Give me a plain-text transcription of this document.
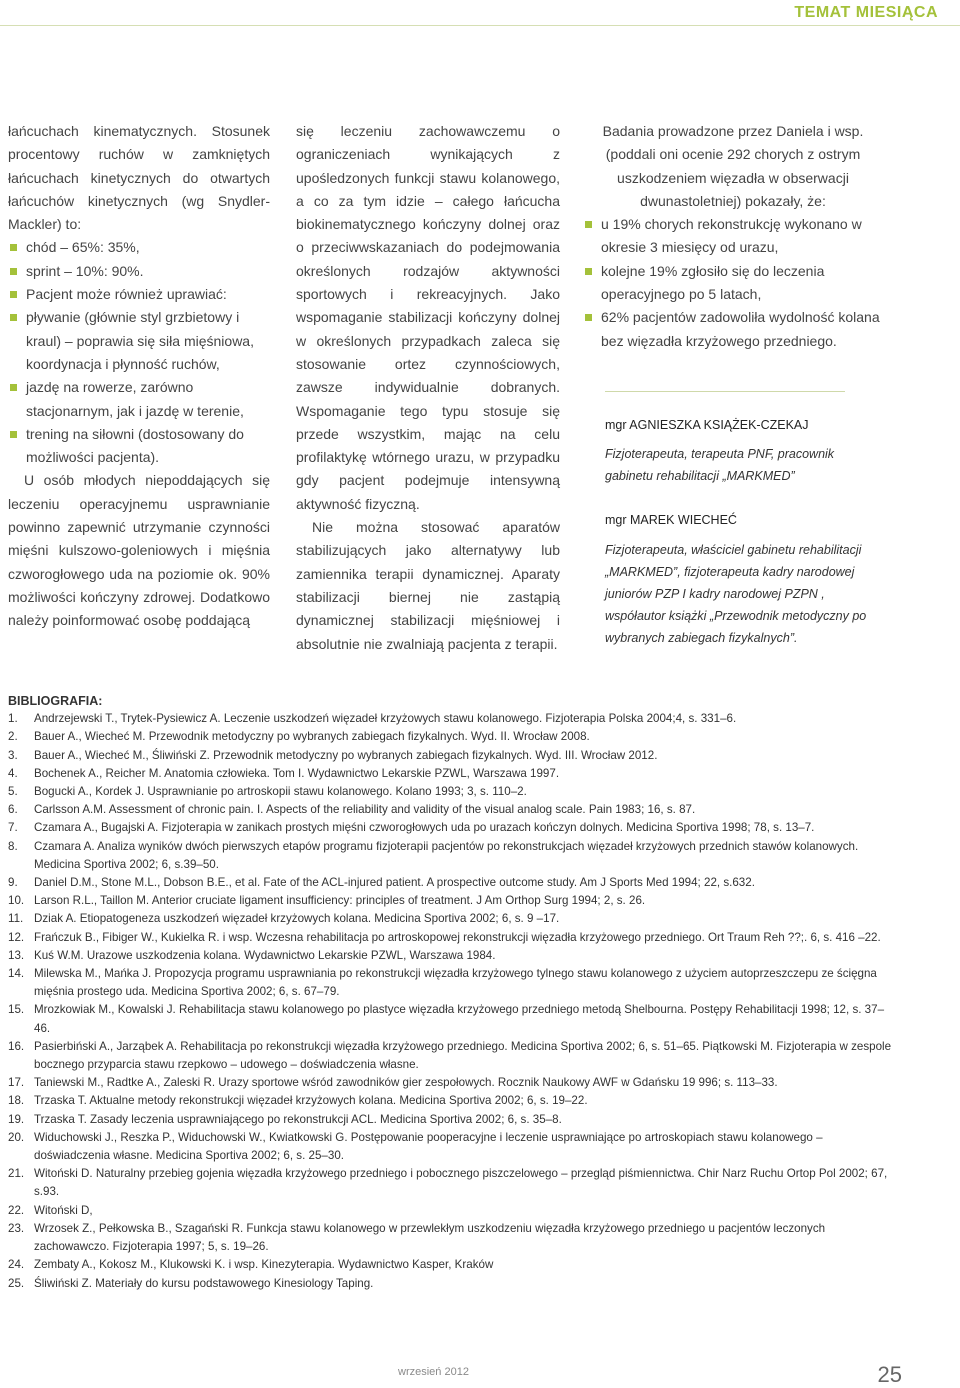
TEMAT MIESIĄCA

łańcuchach kinematycznych. Stosunek procentowy ruchów w zamkniętych łańcuchach kinetycznych do otwartych łańcuchów kinetycznych (wg Snydler-Mackler) to:

chód – 65%: 35%,
sprint – 10%: 90%.
Pacjent może również uprawiać:
pływanie (głównie styl grzbietowy i kraul) – poprawia się siła mięśniowa, koordynacja i płynność ruchów,
jazdę na rowerze, zarówno stacjonarnym, jak i jazdę w terenie,
trening na siłowni (dostosowany do możliwości pacjenta).

U osób młodych niepoddających się leczeniu operacyjnemu usprawnianie powinno zapewnić utrzymanie czynności mięśni kulszowo-goleniowych i mięśnia czworogłowego uda na poziomie ok. 90% możliwości kończyny zdrowej. Dodatkowo należy poinformować osobę poddającą

się leczeniu zachowawczemu o ograniczeniach wynikających z upośledzonych funkcji stawu kolanowego, a co za tym idzie – całego łańcucha biokinematycznego kończyny dolnej oraz o przeciwwskazaniach do podejmowania określonych rodzajów aktywności sportowych i rekreacyjnych. Jako wspomaganie stabilizacji kończyny dolnej w określonych przypadkach zaleca się stosowanie ortez czynnościowych, zawsze indywidualnie dobranych. Wspomaganie tego typu stosuje się przede wszystkim, mając na celu profilaktykę wtórnego urazu, w przypadku gdy pacjent podejmuje intensywną aktywność fizyczną.

Nie można stosować aparatów stabilizujących jako alternatywy lub zamiennika terapii dynamicznej. Aparaty stabilizacji biernej nie zastąpią dynamicznej stabilizacji mięśniowej i absolutnie nie zwalniają pacjenta z terapii.

Badania prowadzone przez Daniela i wsp. (poddali oni ocenie 292 chorych z ostrym uszkodzeniem więzadła w obserwacji dwunastoletniej) pokazały, że:

u 19% chorych rekonstrukcję wykonano w okresie 3 miesięcy od urazu,
kolejne 19% zgłosiło się do leczenia operacyjnego po 5 latach,
62% pacjentów zadowoliła wydolność kolana bez więzadła krzyżowego przedniego.
mgr AGNIESZKA KSIĄŻEK-CZEKAJ
Fizjoterapeuta, terapeuta PNF, pracownik gabinetu rehabilitacji „MARKMED”
mgr MAREK WIECHEĆ
Fizjoterapeuta, właściciel gabinetu rehabilitacji „MARKMED”, fizjoterapeuta kadry narodowej juniorów PZP I kadry narodowej PZPN , współautor książki „Przewodnik metodyczny po wybranych zabiegach fizykalnych”.
BIBLIOGRAFIA:
1. Andrzejewski T., Trytek-Pysiewicz A. Leczenie uszkodzeń więzadeł krzyżowych stawu kolanowego. Fizjoterapia Polska 2004;4, s. 331–6.
2. Bauer A., Wiecheć M. Przewodnik metodyczny po wybranych zabiegach fizykalnych. Wyd. II. Wrocław 2008.
3. Bauer A., Wiecheć M., Śliwiński Z. Przewodnik metodyczny po wybranych zabiegach fizykalnych. Wyd. III. Wrocław 2012.
4. Bochenek A., Reicher M. Anatomia człowieka. Tom I. Wydawnictwo Lekarskie PZWL, Warszawa 1997.
5. Bogucki A., Kordek J. Usprawnianie po artroskopii stawu kolanowego. Kolano 1993; 3, s. 110–2.
6. Carlsson A.M. Assessment of chronic pain. I. Aspects of the reliability and validity of the visual analog scale. Pain 1983; 16, s. 87.
7. Czamara A., Bugajski A. Fizjoterapia w zanikach prostych mięśni czworogłowych uda po urazach kończyn dolnych. Medicina Sportiva 1998; 78, s. 13–7.
8. Czamara A. Analiza wyników dwóch pierwszych etapów programu fizjoterapii pacjentów po rekonstrukcjach więzadeł krzyżowych przednich stawów kolanowych. Medicina Sportiva 2002; 6, s.39–50.
9. Daniel D.M., Stone M.L., Dobson B.E., et al. Fate of the ACL-injured patient. A prospective outcome study. Am J Sports Med 1994; 22, s.632.
10. Larson R.L., Taillon M. Anterior cruciate ligament insufficiency: principles of treatment. J Am Orthop Surg 1994; 2, s. 26.
11. Dziak A. Etiopatogeneza uszkodzeń więzadeł krzyżowych kolana. Medicina Sportiva 2002; 6, s. 9 –17.
12. Frańczuk B., Fibiger W., Kukielka R. i wsp. Wczesna rehabilitacja po artroskopowej rekonstrukcji więzadła krzyżowego przedniego. Ort Traum Reh ??;. 6, s. 416 –22.
13. Kuś W.M. Urazowe uszkodzenia kolana. Wydawnictwo Lekarskie PZWL, Warszawa 1984.
14. Milewska M., Mańka J. Propozycja programu usprawniania po rekonstrukcji więzadła krzyżowego tylnego stawu kolanowego z użyciem autoprzeszczepu ze ścięgna mięśnia prostego uda. Medicina Sportiva 2002; 6, s. 67–79.
15. Mrozkowiak M., Kowalski J. Rehabilitacja stawu kolanowego po plastyce więzadła krzyżowego przedniego metodą Shelbourna. Postępy Rehabilitacji 1998; 12, s. 37–46.
16. Pasierbiński A., Jarząbek A. Rehabilitacja po rekonstrukcji więzadła krzyżowego przedniego. Medicina Sportiva 2002; 6, s. 51–65. Piątkowski M. Fizjoterapia w zespole bocznego przyparcia stawu rzepkowo – udowego – doświadczenia własne.
17. Taniewski M., Radtke A., Zaleski R. Urazy sportowe wśród zawodników gier zespołowych. Rocznik Naukowy AWF w Gdańsku 19 996; s. 113–33.
18. Trzaska T. Aktualne metody rekonstrukcji więzadeł krzyżowych kolana. Medicina Sportiva 2002; 6, s. 19–22.
19. Trzaska T. Zasady leczenia usprawniającego po rekonstrukcji ACL. Medicina Sportiva 2002; 6, s. 35–8.
20. Widuchowski J., Reszka P., Widuchowski W., Kwiatkowski G. Postępowanie pooperacyjne i leczenie usprawniające po artroskopiach stawu kolanowego – doświadczenia własne. Medicina Sportiva 2002; 6, s. 25–30.
21. Witoński D. Naturalny przebieg gojenia więzadła krzyżowego przedniego i pobocznego piszczelowego – przegląd piśmiennictwa. Chir Narz Ruchu Ortop Pol 2002; 67, s.93.
22. Witoński D,
23. Wrzosek Z., Pełkowska B., Szagański R. Funkcja stawu kolanowego w przewlekłym uszkodzeniu więzadła krzyżowego przedniego u pacjentów leczonych zachowawczo. Fizjoterapia 1997; 5, s. 19–26.
24. Zembaty A., Kokosz M., Klukowski K. i wsp. Kinezyterapia. Wydawnictwo Kasper, Kraków
25. Śliwiński Z. Materiały do kursu podstawowego Kinesiology Taping.
wrzesień 2012	25
